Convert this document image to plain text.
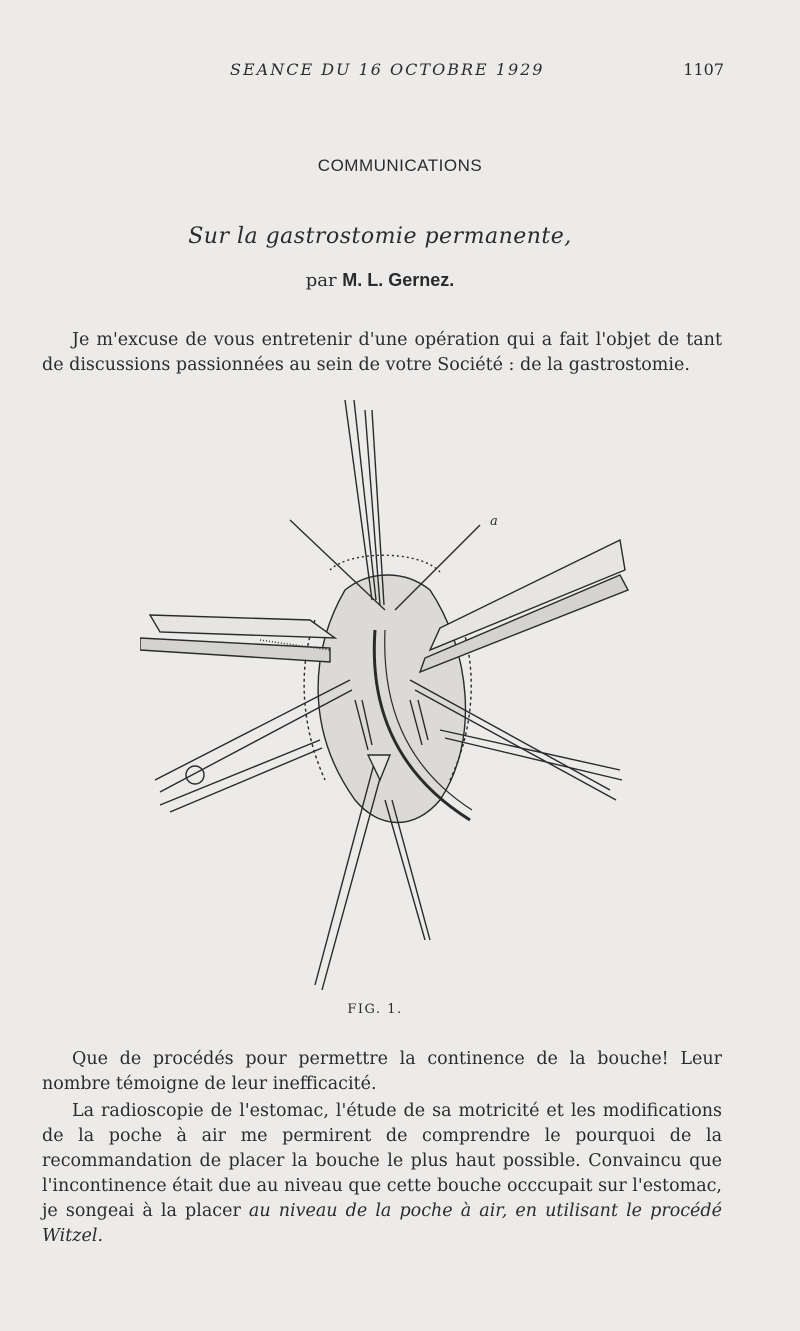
SEANCE DU 16 OCTOBRE 1929	1107
COMMUNICATIONS
Sur la gastrostomie permanente,
par M. L. Gernez.
Je m'excuse de vous entretenir d'une opération qui a fait l'objet de tant de discussions passionnées au sein de votre Société : de la gastrostomie.
a
FIG. 1.
Que de procédés pour permettre la continence de la bouche! Leur nombre témoigne de leur inefficacité.
La radioscopie de l'estomac, l'étude de sa motricité et les modifications de la poche à air me permirent de comprendre le pourquoi de la recommandation de placer la bouche le plus haut possible. Convaincu que l'incontinence était due au niveau que cette bouche occcupait sur l'estomac, je songeai à la placer au niveau de la poche à air, en utilisant le procédé Witzel.
